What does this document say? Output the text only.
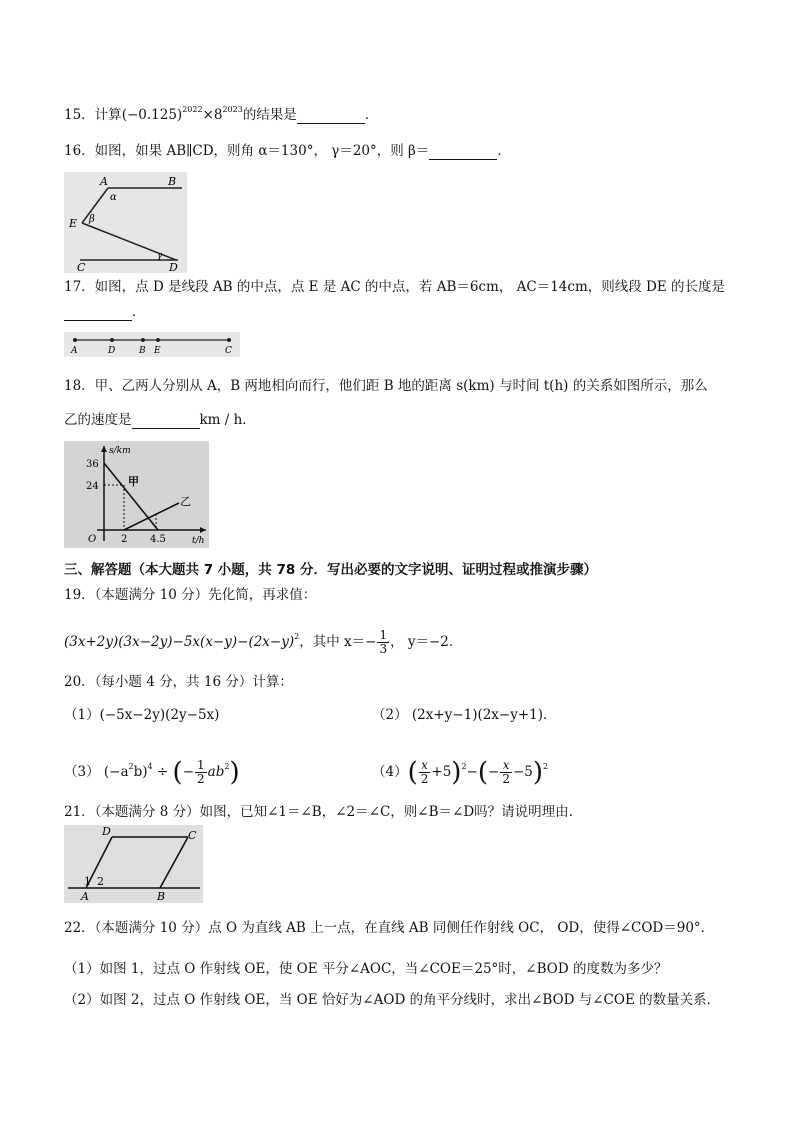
15．计算$(-0.125)^{2022}\times 8^{2023}$的结果是	．
16．如图，如果 AB∥CD，则角 α＝130°， γ＝20°，则 β＝	．
A	B
E
C	D
α
β
γ
17．如图，点 D 是线段 AB 的中点，点 E 是 AC 的中点，若 AB＝6cm， AC＝14cm，则线段 DE 的长度是
．
A	D	B E	C
18．甲、乙两人分别从 A，B 两地相向而行，他们距 B 地的距离 s(km) 与时间 t(h) 的关系如图所示，那么
乙的速度是	km / h．
s/km
t/h
36
24
2 4.5
O
甲
乙
三、解答题（本大题共 7 小题，共 78 分．写出必要的文字说明、证明过程或推演步骤）
19．（本题满分 10 分）先化简，再求值：
$(3x+2y)(3x-2y)-5x(x-y)-(2x-y)^2$，其中 $x=- \frac{1}{3}$ ， y＝−2．
20．（每小题 4 分，共 16 分）计算：
（1）(−5x−2y)(2y−5x)	（2） (2x+y−1)(2x−y+1)．
（3） $(-a^2b)^4$ ÷ (− $\frac{1}{2} ab^2$)	$(4)( \frac{x}{2} +5)^2-(- \frac{x}{2} -5)^2$
21．（本题满分 8 分）如图，已知∠1＝∠B，∠2＝∠C，则∠B＝∠D吗？请说明理由．
D	C
A	B
1 2
22．（本题满分 10 分）点 O 为直线 AB 上一点，在直线 AB 同侧任作射线 OC， OD，使得∠COD＝90°．
（1）如图 1，过点 O 作射线 OE，使 OE 平分∠AOC，当∠COE＝25°时，∠BOD 的度数为多少？
（2）如图 2，过点 O 作射线 OE，当 OE 恰好为∠AOD 的角平分线时，求出∠BOD 与∠COE 的数量关系．
